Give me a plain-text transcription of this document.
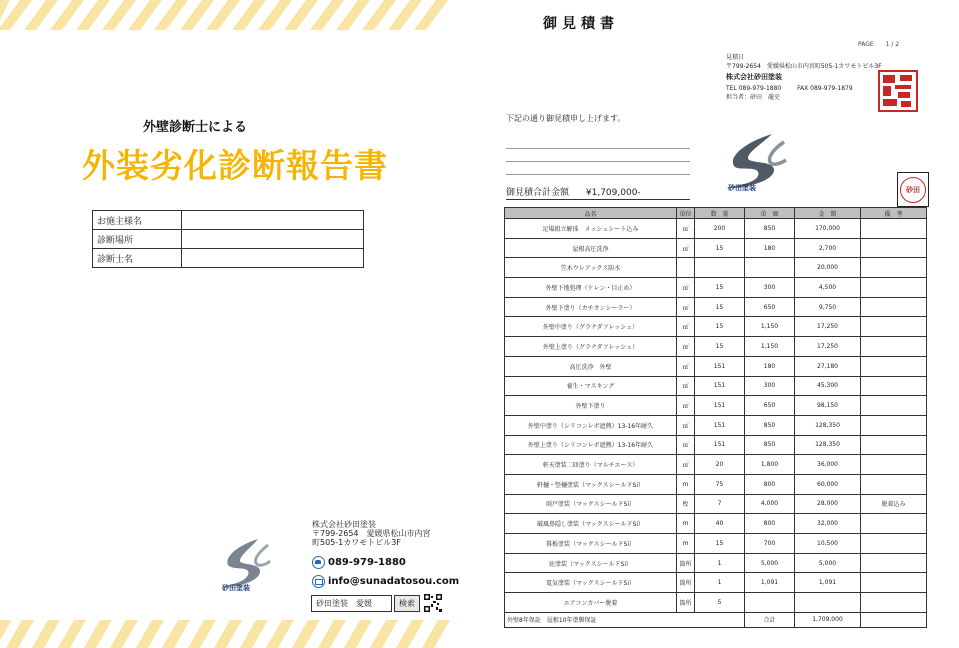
外壁診断士による
外装劣化診断報告書
お施主様名	
診断場所	
診断士名	
砂田塗装
株式会社砂田塗装
〒799-2654　愛媛県松山市内宮
町505-1カワモトビル3F
089-979-1880
info@sunadatosou.com
砂田塗装　愛媛	検索
御見積書
PAGE　　1 / 2
見積日
〒799-2654　愛媛県松山市内宮町505-1カワモトビル3F
株式会社砂田塗装
TEL 089-979-1880	FAX 089-979-1879
担当者：砂田　龍史
下記の通り御見積申し上げます。
御見積合計金額 ¥1,709,000-	砂田塗装	砂田
品名	単位	数　量	単　価	金　額	備　考
足場組立解体　メッシュシート込み	㎡	200	850	170,000	
屋根高圧洗浄	㎡	15	180	2,700	
笠木ウレアックス防水				20,000	
外壁下地処理（ケレン・目止め）	㎡	15	300	4,500	
外壁下塗り（カチオンシーラー）	㎡	15	650	9,750	
外壁中塗り（グラナダフレッシュ）	㎡	15	1,150	17,250	
外壁上塗り（グラナダフレッシュ）	㎡	15	1,150	17,250	
高圧洗浄　外壁	㎡	151	180	27,180	
養生・マスキング	㎡	151	300	45,300	
外壁下塗り	㎡	151	650	98,150	
外壁中塗り（シリコンレボ遮熱）13-16年耐久	㎡	151	850	128,350	
外壁上塗り（シリコンレボ遮熱）13-16年耐久	㎡	151	850	128,350	
軒天塗装二回塗り（マルチエース）	㎡	20	1,800	36,000	
軒樋・竪樋塗装（マックスシールドSi）	m	75	800	60,000	
雨戸塗装（マックスシールドSi）	枚	7	4,000	28,000	脱着込み
破風鼻隠し塗装（マックスシールドSi）	m	40	800	32,000	
幕板塗装（マックスシールドSi）	m	15	700	10,500	
庇塗装（マックスシールドSi）	箇所	1	5,000	5,000	
電気塗装（マックスシールドSi）	箇所	1	1,091	1,091	
エアコンカバー脱着	箇所	5			
外壁8年保証　屋根10年塗膜保証			合計	1,709,000	
